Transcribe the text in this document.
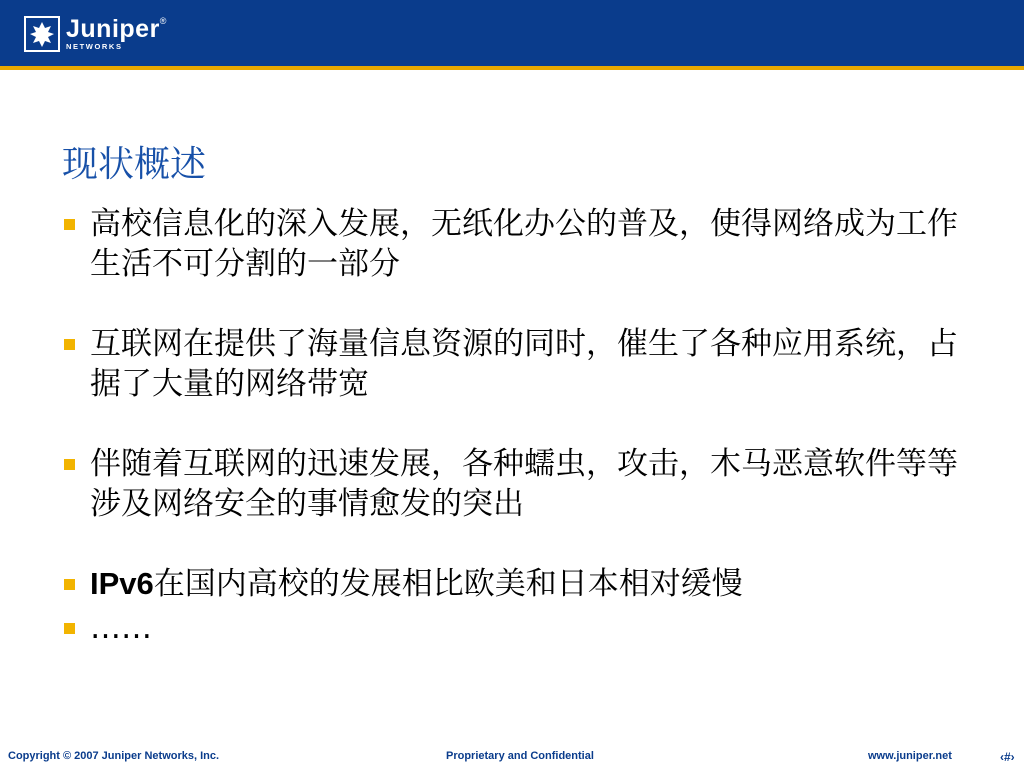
Juniper®
NETWORKS
现状概述
高校信息化的深入发展，无纸化办公的普及，使得网络成为工作生活不可分割的一部分
互联网在提供了海量信息资源的同时，催生了各种应用系统，占据了大量的网络带宽
伴随着互联网的迅速发展，各种蠕虫，攻击，木马恶意软件等等涉及网络安全的事情愈发的突出
IPv6在国内高校的发展相比欧美和日本相对缓慢
……
Copyright © 2007 Juniper Networks, Inc.	Proprietary and Confidential	www.juniper.net	‹#›
